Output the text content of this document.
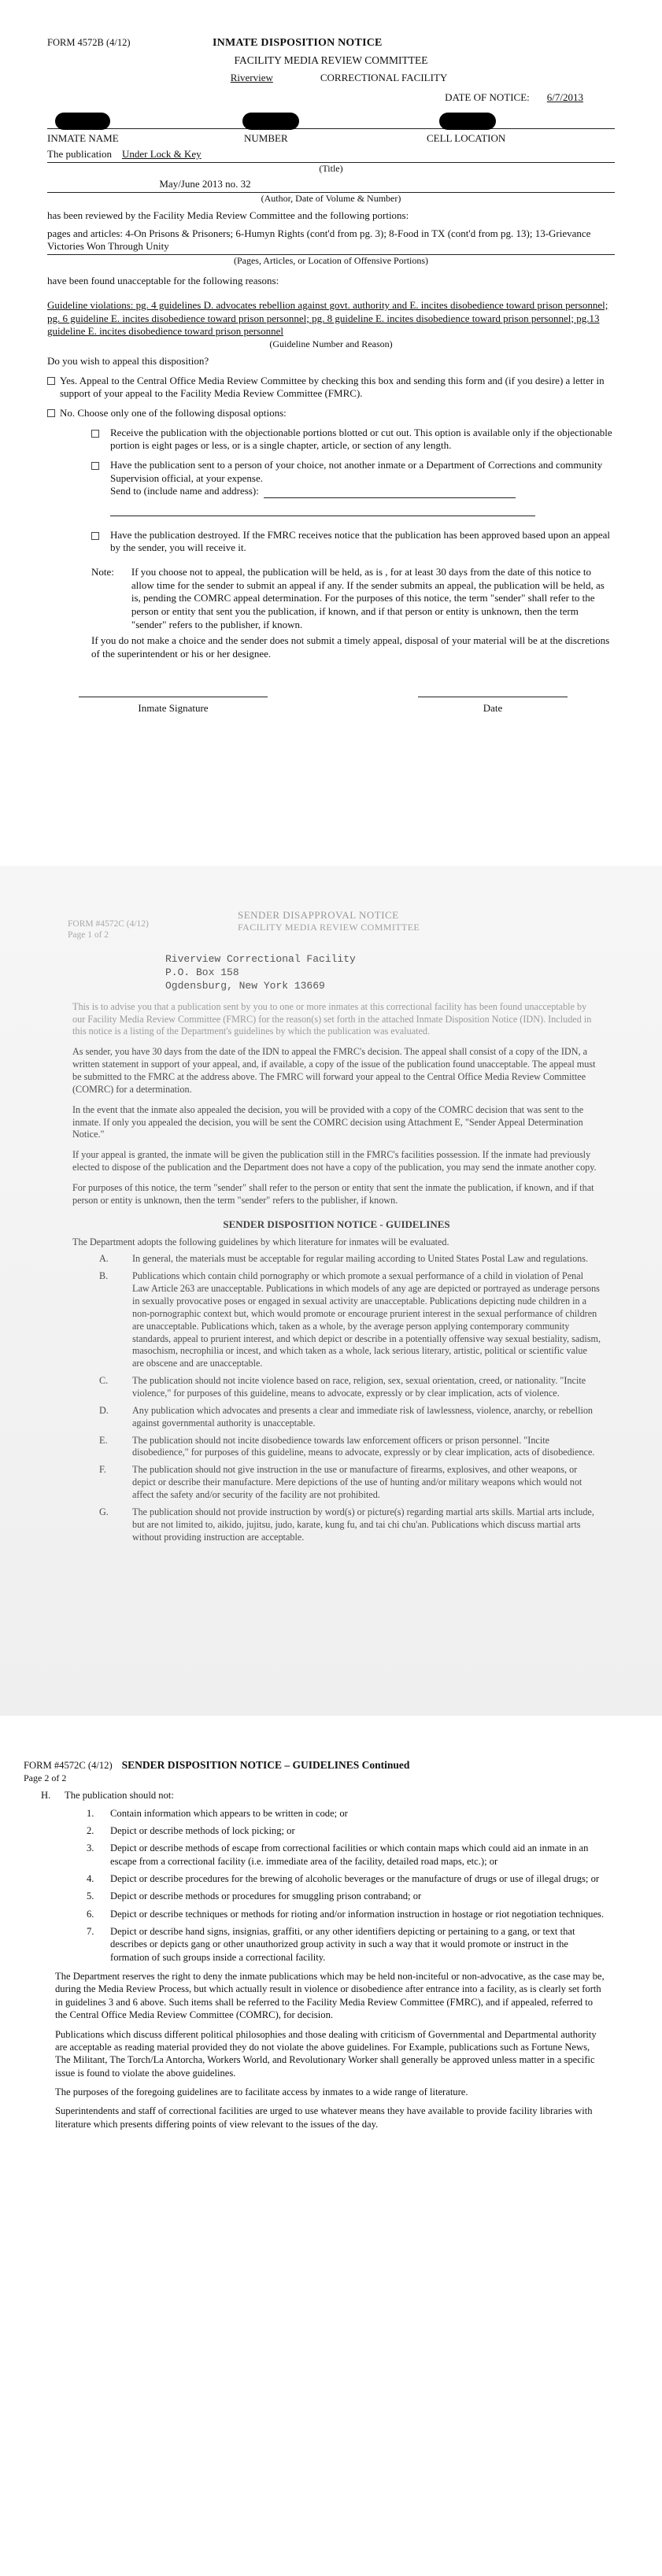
FORM 4572B (4/12)	INMATE DISPOSITION NOTICE
FACILITY MEDIA REVIEW COMMITTEE
Riverview	CORRECTIONAL FACILITY
DATE OF NOTICE: 6/7/2013
INMATE NAME	NUMBER	CELL LOCATION
The publication Under Lock & Key
(Title)
May/June 2013 no. 32
(Author, Date of Volume & Number)
has been reviewed by the Facility Media Review Committee and the following portions:
pages and articles: 4-On Prisons & Prisoners; 6-Humyn Rights (cont'd from pg. 3); 8-Food in TX (cont'd from pg. 13); 13-Grievance Victories Won Through Unity
(Pages, Articles, or Location of Offensive Portions)
have been found unacceptable for the following reasons:
Guideline violations: pg. 4 guidelines D. advocates rebellion against govt. authority and E. incites disobedience toward prison personnel; pg. 6 guideline E. incites disobedience toward prison personnel; pg. 8 guideline E. incites disobedience toward prison personnel; pg.13 guideline E. incites disobedience toward prison personnel
(Guideline Number and Reason)
Do you wish to appeal this disposition?
Yes. Appeal to the Central Office Media Review Committee by checking this box and sending this form and (if you desire) a letter in support of your appeal to the Facility Media Review Committee (FMRC).
No. Choose only one of the following disposal options:
Receive the publication with the objectionable portions blotted or cut out. This option is available only if the objectionable portion is eight pages or less, or is a single chapter, article, or section of any length.
Have the publication sent to a person of your choice, not another inmate or a Department of Corrections and community Supervision official, at your expense.
Send to (include name and address):
Have the publication destroyed. If the FMRC receives notice that the publication has been approved based upon an appeal by the sender, you will receive it.
Note: If you choose not to appeal, the publication will be held, as is , for at least 30 days from the date of this notice to allow time for the sender to submit an appeal if any. If the sender submits an appeal, the publication will be held, as is, pending the COMRC appeal determination. For the purposes of this notice, the term "sender" shall refer to the person or entity that sent you the publication, if known, and if that person or entity is unknown, then the term "sender" refers to the publisher, if known.
If you do not make a choice and the sender does not submit a timely appeal, disposal of your material will be at the discretions of the superintendent or his or her designee.
Inmate Signature	Date
FORM #4572C (4/12)
Page 1 of 2
SENDER DISAPPROVAL NOTICE
FACILITY MEDIA REVIEW COMMITTEE
Riverview Correctional Facility
P.O. Box 158
Ogdensburg, New York 13669
This is to advise you that a publication sent by you to one or more inmates at this correctional facility has been found unacceptable by our Facility Media Review Committee (FMRC) for the reason(s) set forth in the attached Inmate Disposition Notice (IDN). Included in this notice is a listing of the Department's guidelines by which the publication was evaluated.
As sender, you have 30 days from the date of the IDN to appeal the FMRC's decision. The appeal shall consist of a copy of the IDN, a written statement in support of your appeal, and, if available, a copy of the issue of the publication found unacceptable. The appeal must be submitted to the FMRC at the address above. The FMRC will forward your appeal to the Central Office Media Review Committee (COMRC) for a determination.
In the event that the inmate also appealed the decision, you will be provided with a copy of the COMRC decision that was sent to the inmate. If only you appealed the decision, you will be sent the COMRC decision using Attachment E, "Sender Appeal Determination Notice."
If your appeal is granted, the inmate will be given the publication still in the FMRC's facilities possession. If the inmate had previously elected to dispose of the publication and the Department does not have a copy of the publication, you may send the inmate another copy.
For purposes of this notice, the term "sender" shall refer to the person or entity that sent the inmate the publication, if known, and if that person or entity is unknown, then the term "sender" refers to the publisher, if known.
SENDER DISPOSITION NOTICE - GUIDELINES
The Department adopts the following guidelines by which literature for inmates will be evaluated.
A.	In general, the materials must be acceptable for regular mailing according to United States Postal Law and regulations.
B.	Publications which contain child pornography or which promote a sexual performance of a child in violation of Penal Law Article 263 are unacceptable. Publications in which models of any age are depicted or portrayed as underage persons in sexually provocative poses or engaged in sexual activity are unacceptable. Publications depicting nude children in a non-pornographic context but, which would promote or encourage prurient interest in the sexual performance of children are unacceptable. Publications which, taken as a whole, by the average person applying contemporary community standards, appeal to prurient interest, and which depict or describe in a potentially offensive way sexual bestiality, sadism, masochism, necrophilia or incest, and which taken as a whole, lack serious literary, artistic, political or scientific value are obscene and are unacceptable.
C.	The publication should not incite violence based on race, religion, sex, sexual orientation, creed, or nationality. "Incite violence," for purposes of this guideline, means to advocate, expressly or by clear implication, acts of violence.
D.	Any publication which advocates and presents a clear and immediate risk of lawlessness, violence, anarchy, or rebellion against governmental authority is unacceptable.
E.	The publication should not incite disobedience towards law enforcement officers or prison personnel. "Incite disobedience," for purposes of this guideline, means to advocate, expressly or by clear implication, acts of disobedience.
F.	The publication should not give instruction in the use or manufacture of firearms, explosives, and other weapons, or depict or describe their manufacture. Mere depictions of the use of hunting and/or military weapons which would not affect the safety and/or security of the facility are not prohibited.
G.	The publication should not provide instruction by word(s) or picture(s) regarding martial arts skills. Martial arts include, but are not limited to, aikido, jujitsu, judo, karate, kung fu, and tai chi chu'an. Publications which discuss martial arts without providing instruction are acceptable.
FORM #4572C (4/12) SENDER DISPOSITION NOTICE – GUIDELINES Continued
Page 2 of 2
H. The publication should not:
1.	Contain information which appears to be written in code; or
2.	Depict or describe methods of lock picking; or
3.	Depict or describe methods of escape from correctional facilities or which contain maps which could aid an inmate in an escape from a correctional facility (i.e. immediate area of the facility, detailed road maps, etc.); or
4.	Depict or describe procedures for the brewing of alcoholic beverages or the manufacture of drugs or use of illegal drugs; or
5.	Depict or describe methods or procedures for smuggling prison contraband; or
6.	Depict or describe techniques or methods for rioting and/or information instruction in hostage or riot negotiation techniques.
7.	Depict or describe hand signs, insignias, graffiti, or any other identifiers depicting or pertaining to a gang, or text that describes or depicts gang or other unauthorized group activity in such a way that it would promote or instruct in the formation of such groups inside a correctional facility.
The Department reserves the right to deny the inmate publications which may be held non-inciteful or non-advocative, as the case may be, during the Media Review Process, but which actually result in violence or disobedience after entrance into a facility, as is clearly set forth in guidelines 3 and 6 above. Such items shall be referred to the Facility Media Review Committee (FMRC), and if appealed, referred to the Central Office Media Review Committee (COMRC), for decision.
Publications which discuss different political philosophies and those dealing with criticism of Governmental and Departmental authority are acceptable as reading material provided they do not violate the above guidelines. For Example, publications such as Fortune News, The Militant, The Torch/La Antorcha, Workers World, and Revolutionary Worker shall generally be approved unless matter in a specific issue is found to violate the above guidelines.
The purposes of the foregoing guidelines are to facilitate access by inmates to a wide range of literature.
Superintendents and staff of correctional facilities are urged to use whatever means they have available to provide facility libraries with literature which presents differing points of view relevant to the issues of the day.
